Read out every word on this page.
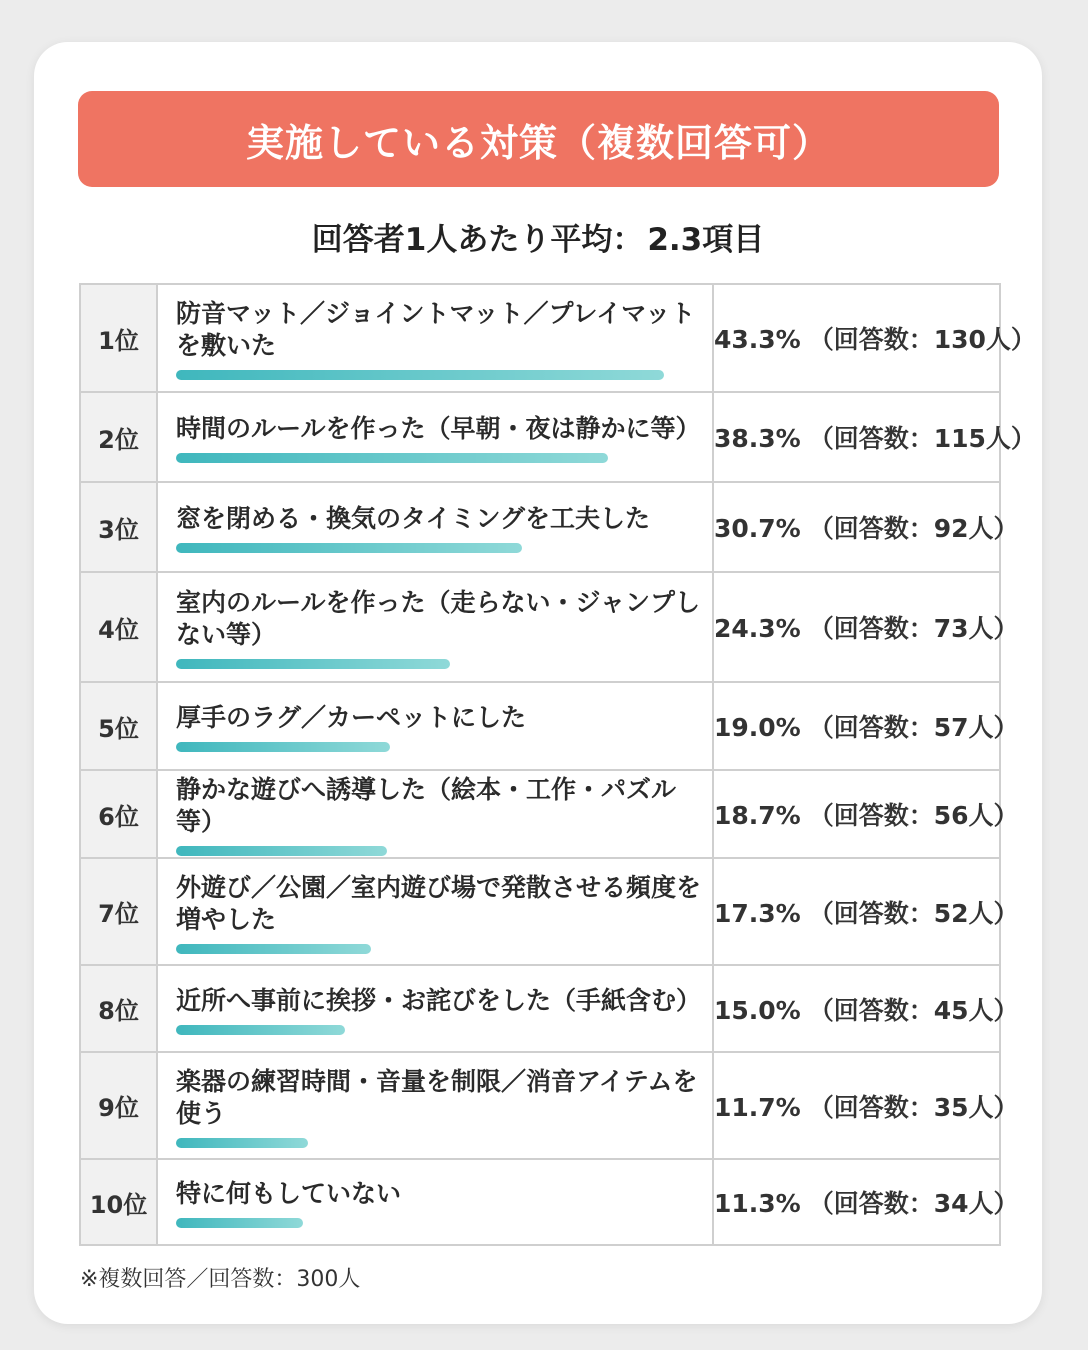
実施している対策（複数回答可）
回答者1人あたり平均： 2.3項目
1位	防音マット／ジョイントマット／プレイマットを敷いた	43.3% （回答数：130人）
2位	時間のルールを作った（早朝・夜は静かに等）	38.3% （回答数：115人）
3位	窓を閉める・換気のタイミングを工夫した	30.7% （回答数：92人）
4位	室内のルールを作った（走らない・ジャンプしない等）	24.3% （回答数：73人）
5位	厚手のラグ／カーペットにした	19.0% （回答数：57人）
6位	静かな遊びへ誘導した（絵本・工作・パズル等）	18.7% （回答数：56人）
7位	外遊び／公園／室内遊び場で発散させる頻度を増やした	17.3% （回答数：52人）
8位	近所へ事前に挨拶・お詫びをした（手紙含む）	15.0% （回答数：45人）
9位	楽器の練習時間・音量を制限／消音アイテムを使う	11.7% （回答数：35人）
10位	特に何もしていない	11.3% （回答数：34人）
※複数回答／回答数：300人
